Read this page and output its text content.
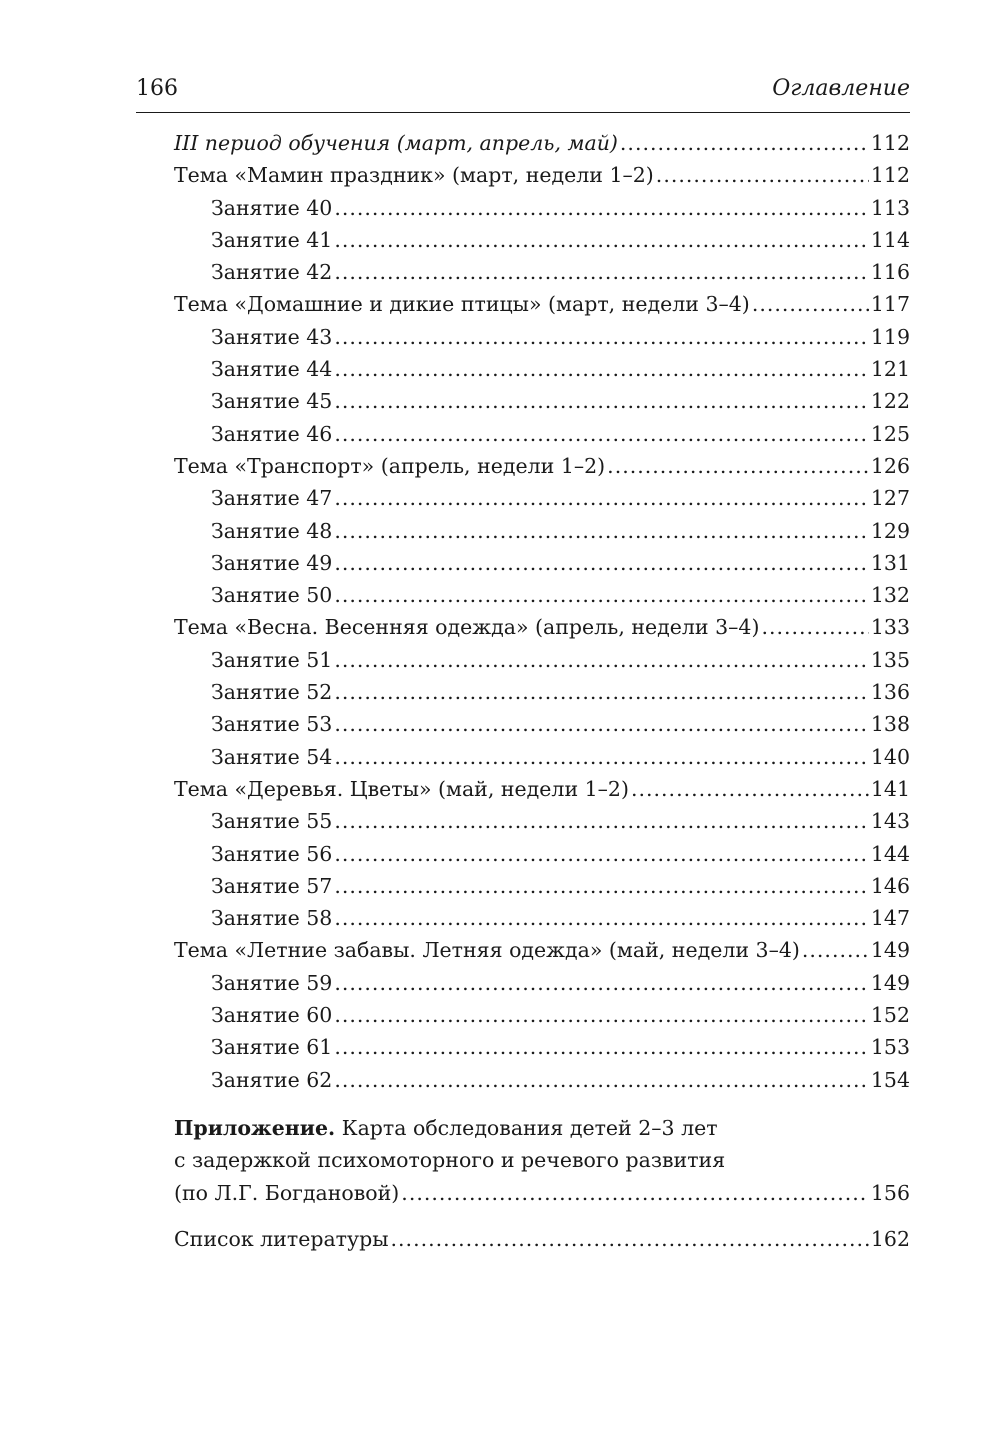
166	Оглавление
III период обучения (март, апрель, май) .....	112
Тема «Мамин праздник» (март, недели 1–2) .....	112
Занятие 40 .....	113
Занятие 41 .....	114
Занятие 42 .....	116
Тема «Домашние и дикие птицы» (март, недели 3–4) .....	117
Занятие 43 .....	119
Занятие 44 .....	121
Занятие 45 .....	122
Занятие 46 .....	125
Тема «Транспорт» (апрель, недели 1–2) .....	126
Занятие 47 .....	127
Занятие 48 .....	129
Занятие 49 .....	131
Занятие 50 .....	132
Тема «Весна. Весенняя одежда» (апрель, недели 3–4) .....	133
Занятие 51 .....	135
Занятие 52 .....	136
Занятие 53 .....	138
Занятие 54 .....	140
Тема «Деревья. Цветы» (май, недели 1–2) .....	141
Занятие 55 .....	143
Занятие 56 .....	144
Занятие 57 .....	146
Занятие 58 .....	147
Тема «Летние забавы. Летняя одежда» (май, недели 3–4) .....	149
Занятие 59 .....	149
Занятие 60 .....	152
Занятие 61 .....	153
Занятие 62 .....	154
Приложение. Карта обследования детей 2–3 лет
с задержкой психомоторного и речевого развития
(по Л.Г. Богдановой) .....	156
Список литературы .....	162
